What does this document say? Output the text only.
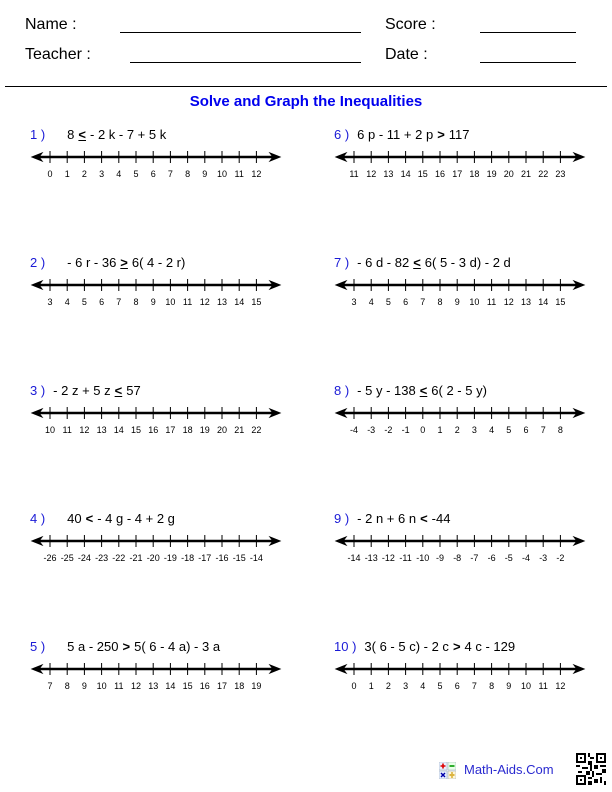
Name :	Score :
Teacher :	Date :
Solve and Graph the Inequalities
1 ) 8 < - 2 k - 7 + 5 k
0 1 2 3 4 5 6 7 8 9 10 11 12
2 ) - 6 r - 36 > 6( 4 - 2 r)
3 4 5 6 7 8 9 10 11 12 13 14 15
3 ) - 2 z + 5 z < 57
10 11 12 13 14 15 16 17 18 19 20 21 22
4 ) 40 < - 4 g - 4 + 2 g
-26 -25 -24 -23 -22 -21 -20 -19 -18 -17 -16 -15 -14
5 ) 5 a - 250 > 5( 6 - 4 a) - 3 a
7 8 9 10 11 12 13 14 15 16 17 18 19
6 ) 6 p - 11 + 2 p > 117
11 12 13 14 15 16 17 18 19 20 21 22 23
7 ) - 6 d - 82 < 6( 5 - 3 d) - 2 d
3 4 5 6 7 8 9 10 11 12 13 14 15
8 ) - 5 y - 138 < 6( 2 - 5 y)
-4 -3 -2 -1 0 1 2 3 4 5 6 7 8
9 ) - 2 n + 6 n < -44
-14 -13 -12 -11 -10 -9 -8 -7 -6 -5 -4 -3 -2
10 ) 3( 6 - 5 c) - 2 c > 4 c - 129
0 1 2 3 4 5 6 7 8 9 10 11 12
Math-Aids.Com
